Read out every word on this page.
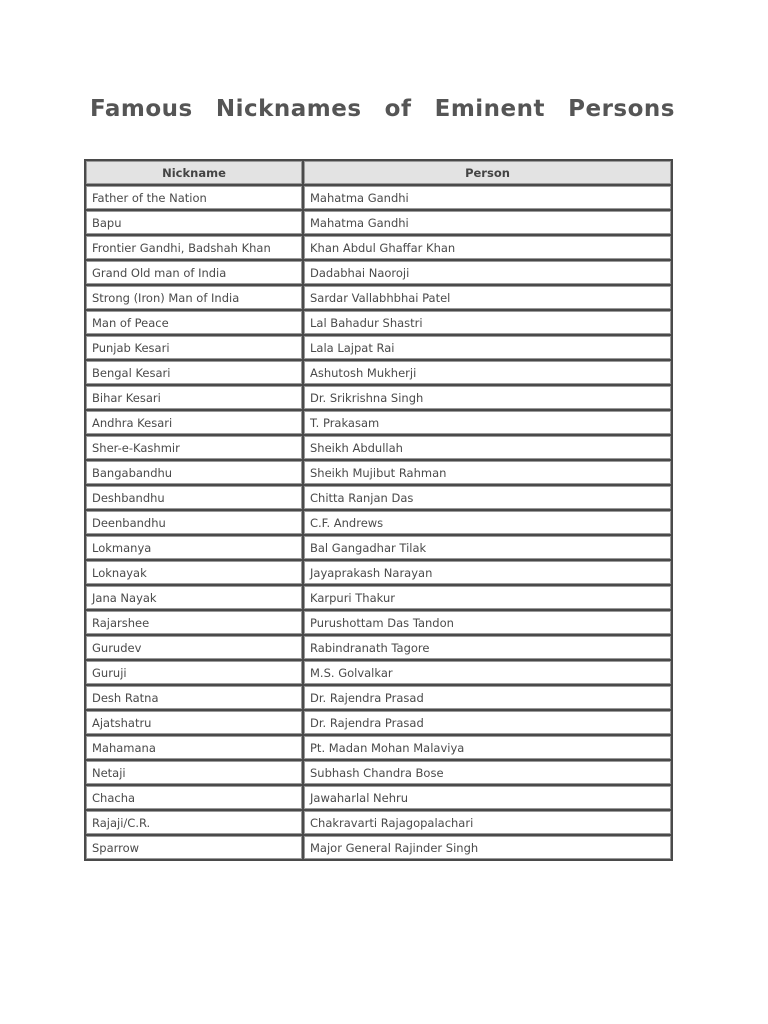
Famous Nicknames of Eminent Persons
Nickname	Person
Father of the Nation	Mahatma Gandhi
Bapu	Mahatma Gandhi
Frontier Gandhi, Badshah Khan	Khan Abdul Ghaffar Khan
Grand Old man of India	Dadabhai Naoroji
Strong (Iron) Man of India	Sardar Vallabhbhai Patel
Man of Peace	Lal Bahadur Shastri
Punjab Kesari	Lala Lajpat Rai
Bengal Kesari	Ashutosh Mukherji
Bihar Kesari	Dr. Srikrishna Singh
Andhra Kesari	T. Prakasam
Sher-e-Kashmir	Sheikh Abdullah
Bangabandhu	Sheikh Mujibut Rahman
Deshbandhu	Chitta Ranjan Das
Deenbandhu	C.F. Andrews
Lokmanya	Bal Gangadhar Tilak
Loknayak	Jayaprakash Narayan
Jana Nayak	Karpuri Thakur
Rajarshee	Purushottam Das Tandon
Gurudev	Rabindranath Tagore
Guruji	M.S. Golvalkar
Desh Ratna	Dr. Rajendra Prasad
Ajatshatru	Dr. Rajendra Prasad
Mahamana	Pt. Madan Mohan Malaviya
Netaji	Subhash Chandra Bose
Chacha	Jawaharlal Nehru
Rajaji/C.R.	Chakravarti Rajagopalachari
Sparrow	Major General Rajinder Singh
